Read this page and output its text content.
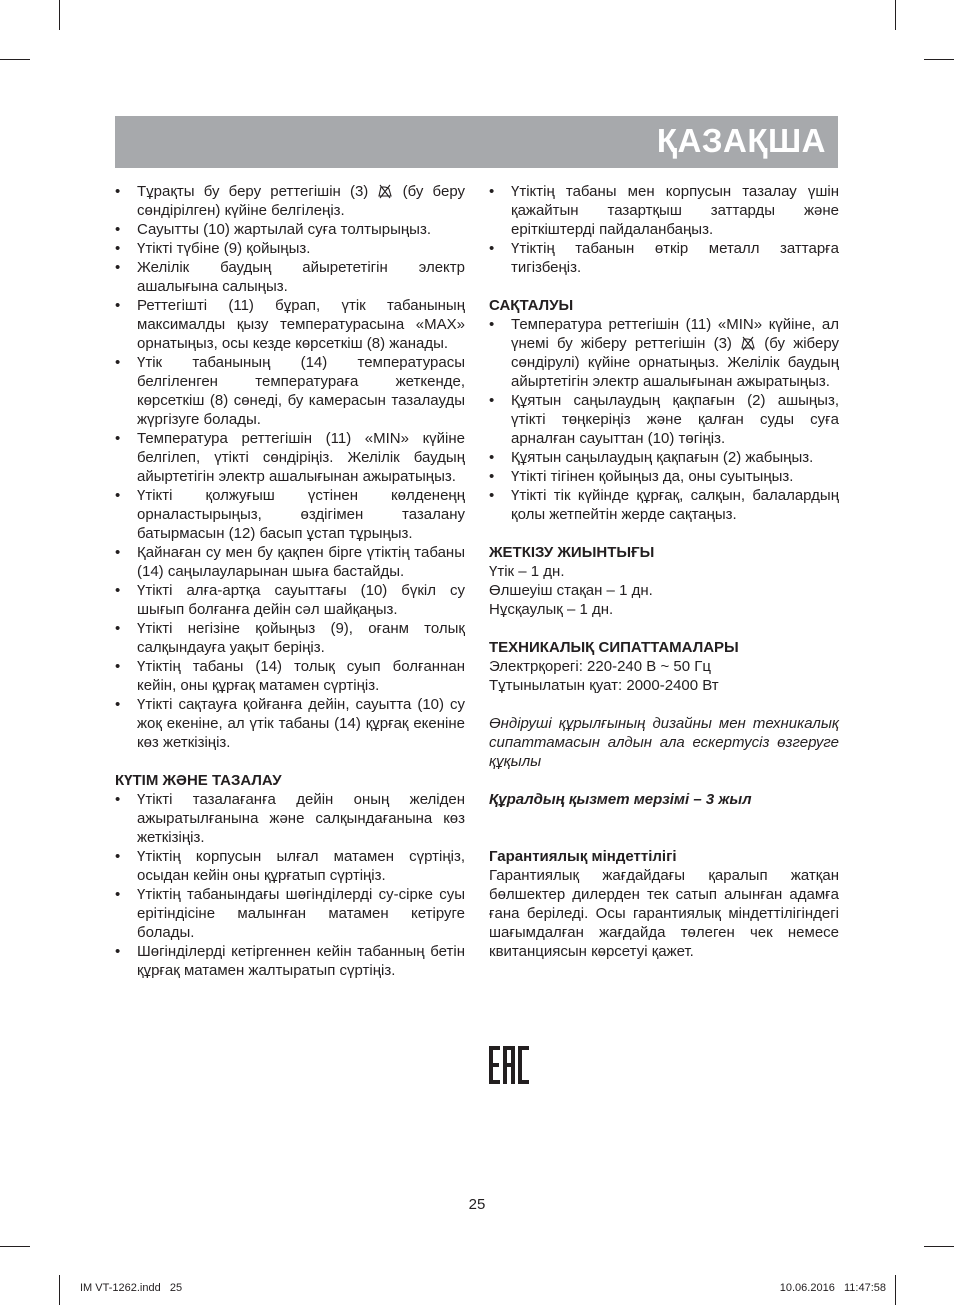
ҚАЗАҚША
• Тұрақты бу беру реттегішін (3)  (бу беру сөндірілген) күйіне белгілеңіз.
• Сауытты (10) жартылай суға толтырыңыз.
• Үтікті түбіне (9) қойыңыз.
• Желілік баудың айырететігін электр ашалығына салыңыз.
• Реттегішті (11) бұрап, үтік табанының максималды қызу температурасына «MAX» орнатыңыз, осы кезде көрсеткіш (8) жанады.
• Үтік табанының (14) температурасы белгіленген температураға жеткенде, көрсеткіш (8) сөнеді, бу камерасын тазалауды жүргізуге болады.
• Температура реттегішін (11) «MIN» күйіне белгілеп, үтікті сөндіріңіз. Желілік баудың айыртетігін электр ашалығынан ажыратыңыз.
• Үтікті қолжуғыш үстінен көлденеңң орналастырыңыз, өздігімен тазалану батырмасын (12) басып ұстап тұрыңыз.
• Қайнаған су мен бу қақпен бірге үтіктің табаны (14) саңылауларынан шыға бастайды.
• Үтікті алға-артқа сауыттағы (10) бүкіл су шығып болғанға дейін сәл шайқаңыз.
• Үтікті негізіне қойыңыз (9), оғанм толық салқындауға уақыт беріңіз.
• Үтіктің табаны (14) толық суып болғаннан кейін, оны құрғақ матамен сүртіңіз.
• Үтікті сақтауға қойғанға дейін, сауытта (10) су жоқ екеніне, ал үтік табаны (14) құрғақ екеніне көз жеткізіңіз.

КҮТІМ ЖӘНЕ ТАЗАЛАУ

• Үтікті тазалағанға дейін оның желіден ажыратылғанына және салқындағанына көз жеткізіңіз.
• Үтіктің корпусын ылғал матамен сүртіңіз, осыдан кейін оны құрғатып сүртіңіз.
• Үтіктің табанындағы шөгінділерді су-сірке суы ерітіндісіне малынған матамен кетіруге болады.
• Шөгінділерді кетіргеннен кейін табанның бетін құрғақ матамен жалтыратып сүртіңіз.
• Үтіктің табаны мен корпусын тазалау үшін қажайтын тазартқыш заттарды және еріткіштерді пайдаланбаңыз.
• Үтіктің табанын өткір металл заттарға тигізбеңіз.

САҚТАЛУЫ

• Температура реттегішін (11) «MIN» күйіне, ал үнемі бу жіберу реттегішін (3)  (бу жіберу сөндірулі) күйіне орнатыңыз. Желілік баудың айыртетігін электр ашалығынан ажыратыңыз.
• Құятын саңылаудың қақпағын (2) ашыңыз, үтікті төңкеріңіз және қалған суды суға арналған сауыттан (10) төгіңіз.
• Құятын саңылаудың қақпағын (2) жабыңыз.
• Үтікті тігінен қойыңыз да, оны суытыңыз.
• Үтікті тік күйінде құрғақ, салқын, балалардың қолы жетпейтін жерде сақтаңыз.

ЖЕТКІЗУ ЖИЫНТЫҒЫ

Үтік – 1 дн.

Өлшеуіш стақан – 1 дн.

Нұсқаулық – 1 дн.

ТЕХНИКАЛЫҚ СИПАТТАМАЛАРЫ

Электрқорегі: 220-240 В ~ 50 Гц

Тұтынылатын қуат: 2000-2400 Вт

Өндіруші құрылғының дизайны мен техникалық сипаттамасын алдын ала ескертусіз өзгеруге құқылы

Құралдың қызмет мерзімі – 3 жыл

Гарантиялық міндеттілігі

Гарантиялық жағдайдағы қаралып жатқан бөлшектер дилерден тек сатып алынған адамға ғана беріледі. Осы гарантиялық міндеттілігіндегі шағымдалған жағдайда төлеген чек немесе квитанциясын көрсетуі қажет.

25
IM VT-1262.indd   25	10.06.2016   11:47:58
